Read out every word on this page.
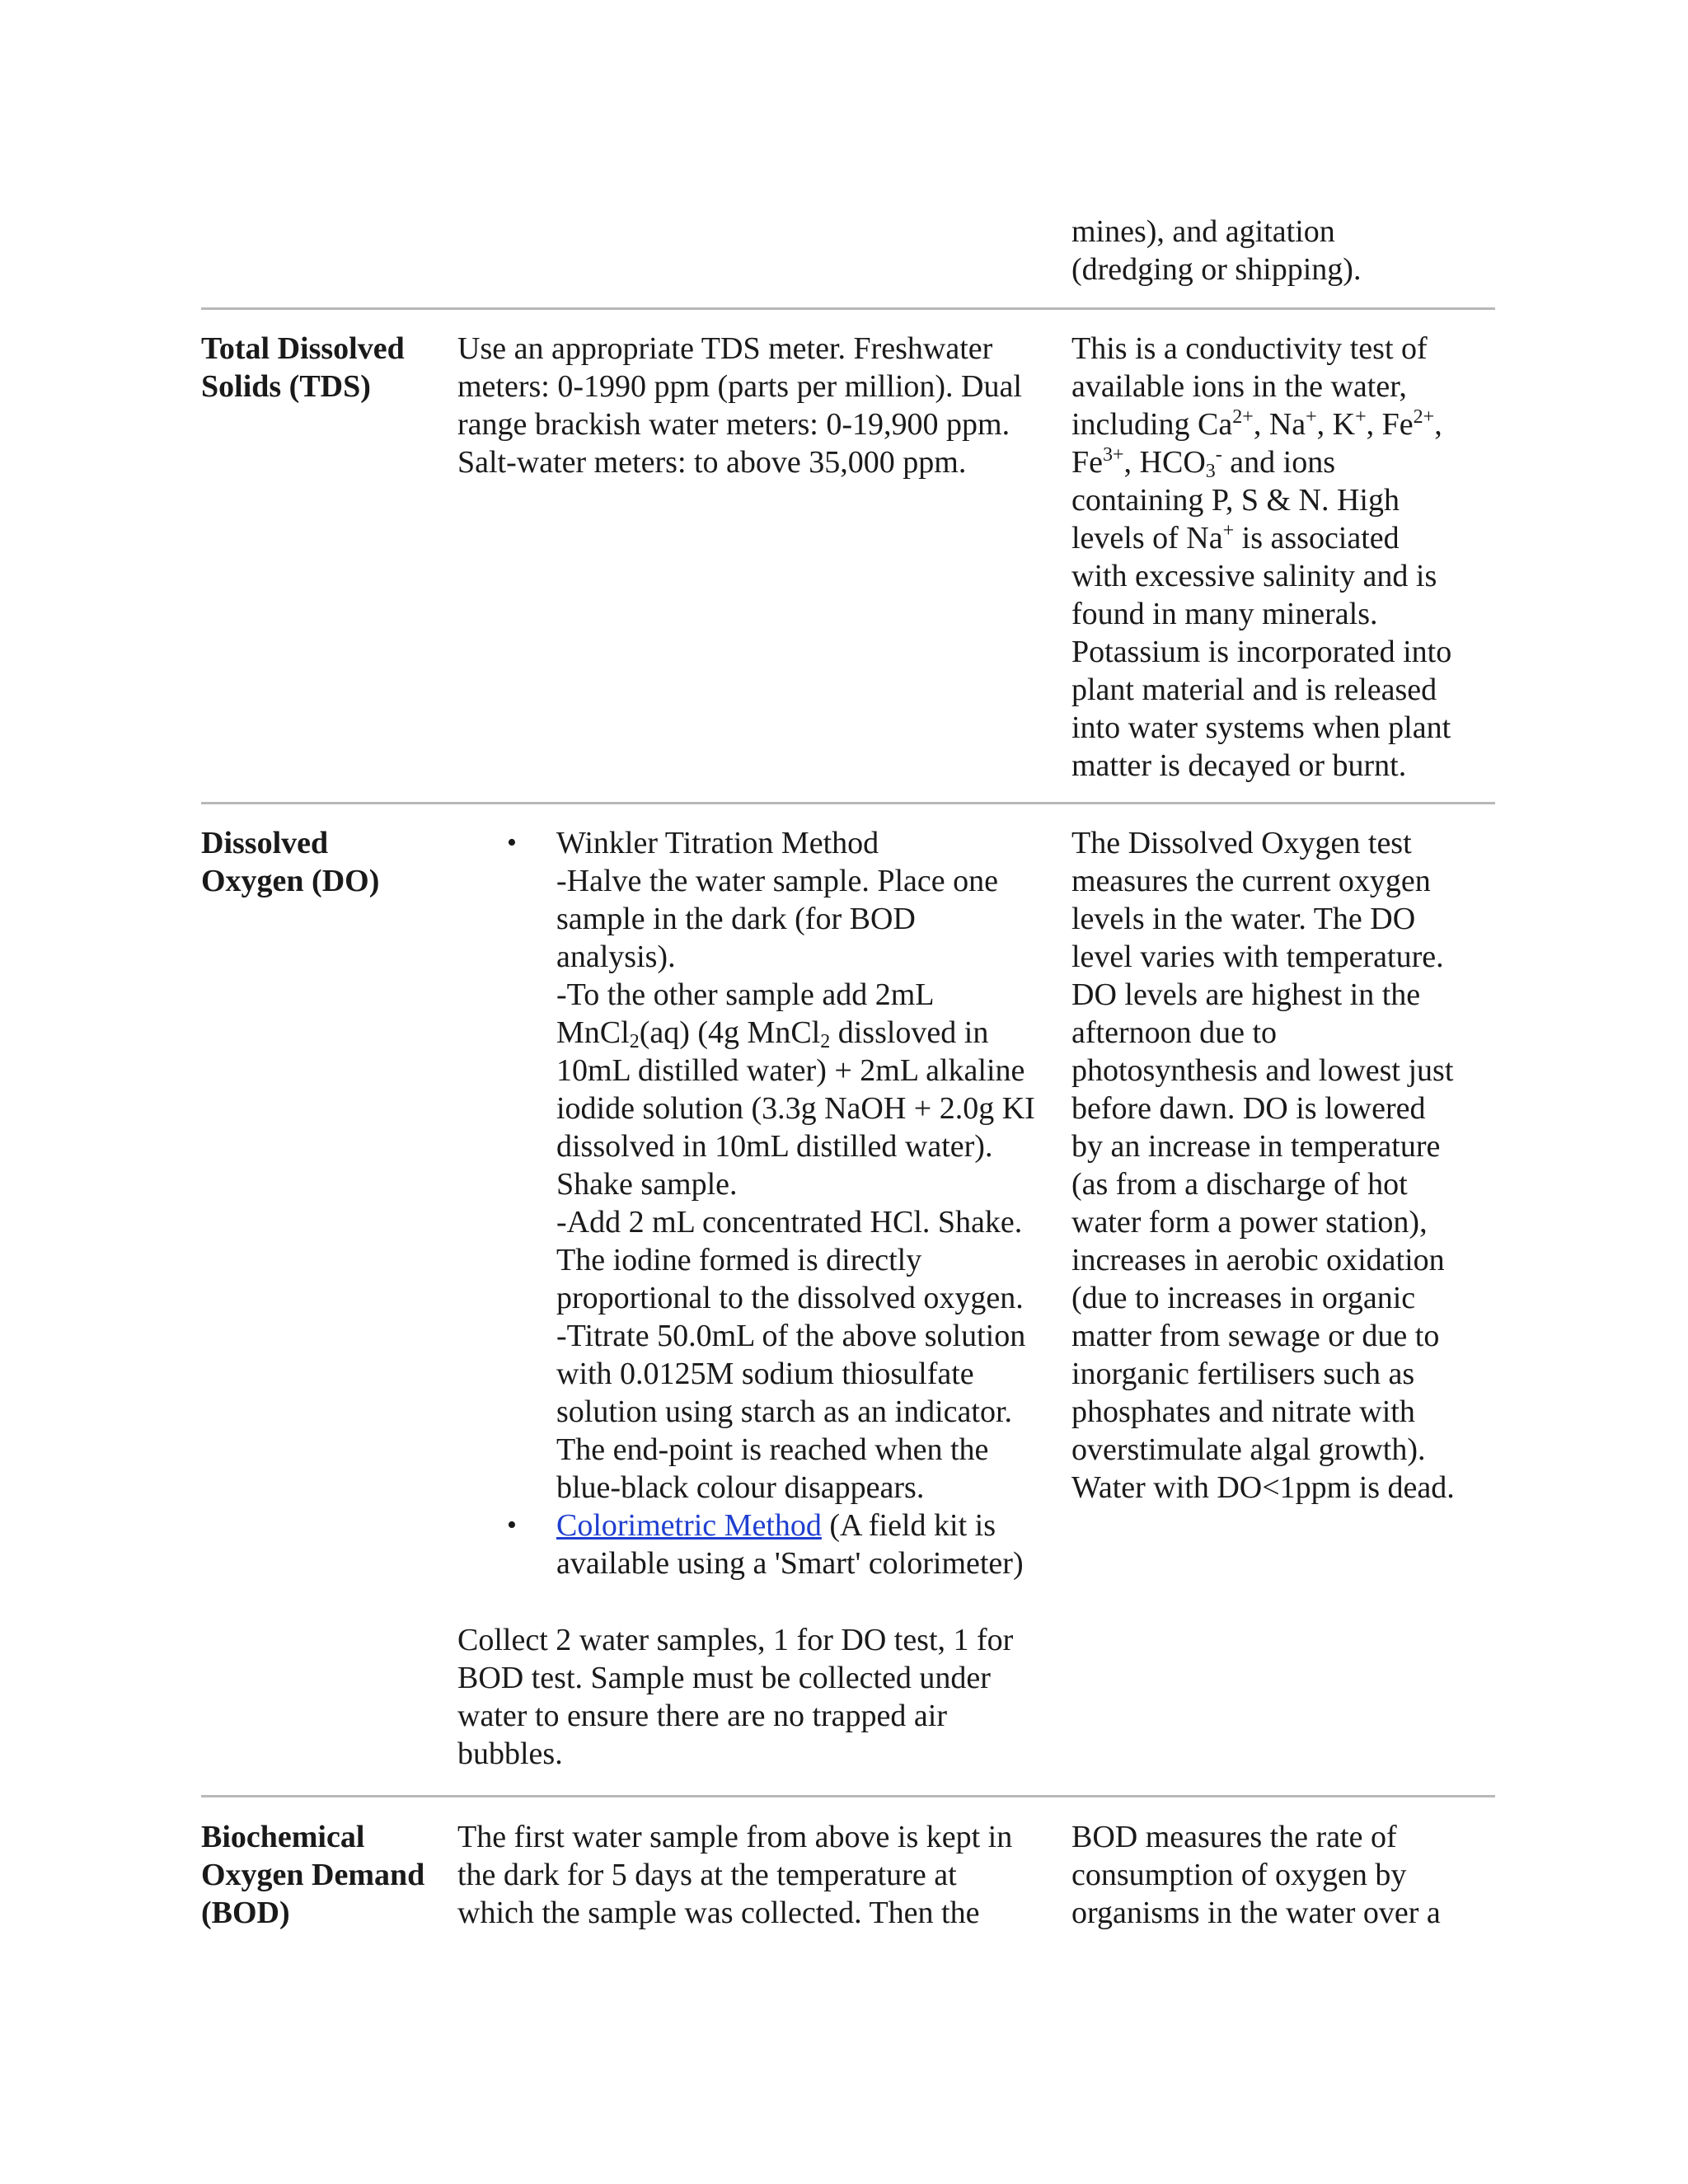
mines), and agitation
(dredging or shipping).
Total Dissolved
Solids (TDS)
Use an appropriate TDS meter. Freshwater
meters: 0-1990 ppm (parts per million). Dual
range brackish water meters: 0-19,900 ppm.
Salt-water meters: to above 35,000 ppm.
This is a conductivity test of
available ions in the water,
including $Ca^{2+}$, Na+, K+, $Fe^{2+}$,
$Fe^{3+}$, $HCO_3^-$ and ions
containing P, S & N. High
levels of Na+ is associated
with excessive salinity and is
found in many minerals.
Potassium is incorporated into
plant material and is released
into water systems when plant
matter is decayed or burnt.
Dissolved
Oxygen (DO)
• Winkler Titration Method
-Halve the water sample. Place one
sample in the dark (for BOD
analysis).
-To the other sample add 2mL
MnCl$_2$(aq) (4g MnCl$_2$ dissloved in
10mL distilled water) + 2mL alkaline
iodide solution (3.3g NaOH + 2.0g KI
dissolved in 10mL distilled water).
Shake sample.
-Add 2 mL concentrated HCl. Shake.
The iodine formed is directly
proportional to the dissolved oxygen.
-Titrate 50.0mL of the above solution
with 0.0125M sodium thiosulfate
solution using starch as an indicator.
The end-point is reached when the
blue-black colour disappears.
• Colorimetric Method (A field kit is
available using a 'Smart' colorimeter)
Collect 2 water samples, 1 for DO test, 1 for
BOD test. Sample must be collected under
water to ensure there are no trapped air
bubbles.
The Dissolved Oxygen test
measures the current oxygen
levels in the water. The DO
level varies with temperature.
DO levels are highest in the
afternoon due to
photosynthesis and lowest just
before dawn. DO is lowered
by an increase in temperature
(as from a discharge of hot
water form a power station),
increases in aerobic oxidation
(due to increases in organic
matter from sewage or due to
inorganic fertilisers such as
phosphates and nitrate with
overstimulate algal growth).
Water with DO<1ppm is dead.
Biochemical
Oxygen Demand
(BOD)
The first water sample from above is kept in
the dark for 5 days at the temperature at
which the sample was collected. Then the
BOD measures the rate of
consumption of oxygen by
organisms in the water over a
